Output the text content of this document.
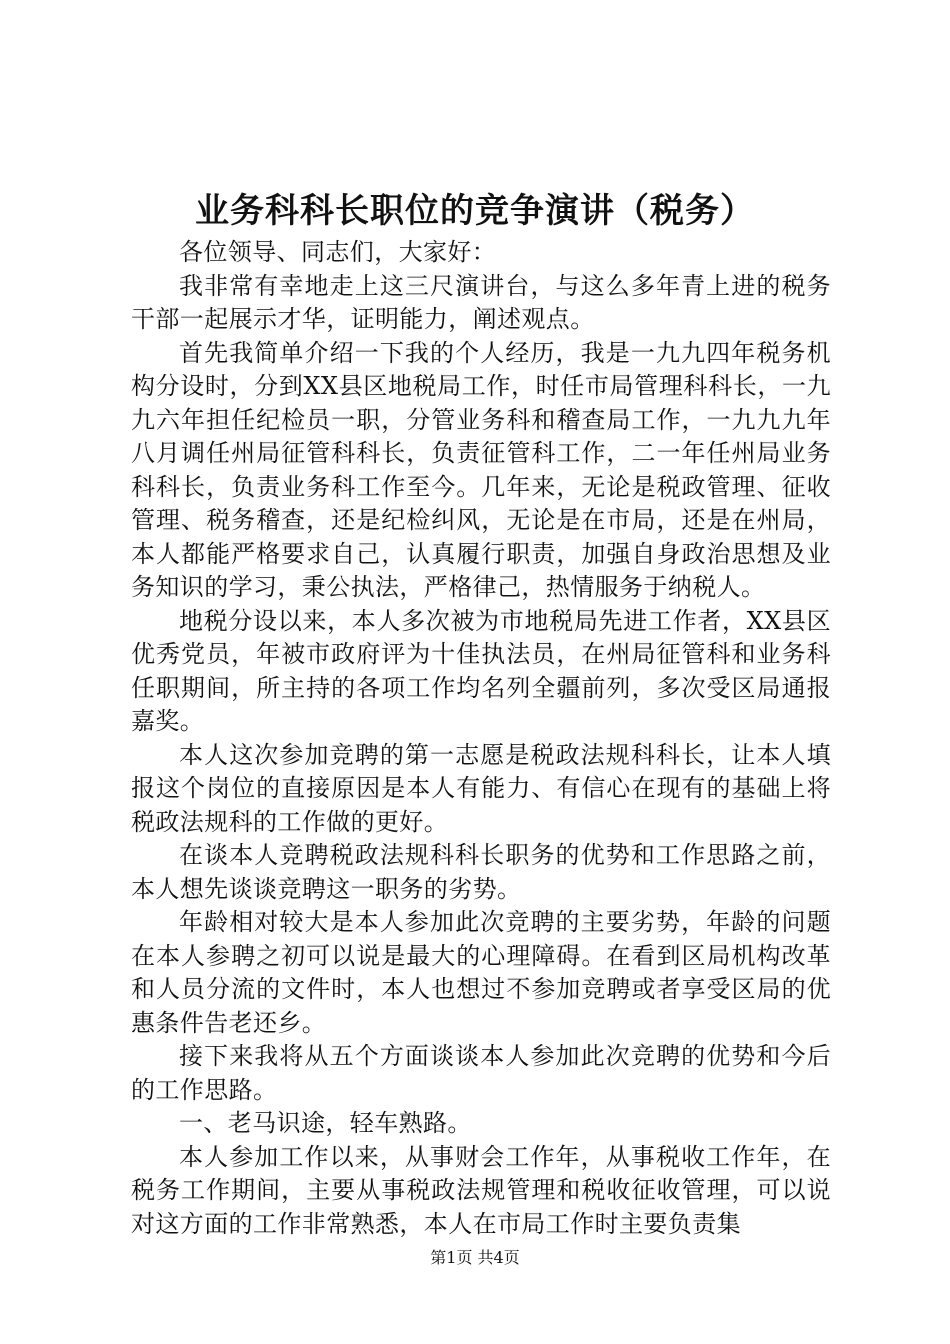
业务科科长职位的竞争演讲（税务）

各位领导、同志们，大家好：

我非常有幸地走上这三尺演讲台，与这么多年青上进的税务干部一起展示才华，证明能力，阐述观点。

首先我简单介绍一下我的个人经历，我是一九九四年税务机构分设时，分到XX县区地税局工作，时任市局管理科科长，一九九六年担任纪检员一职，分管业务科和稽查局工作，一九九九年八月调任州局征管科科长，负责征管科工作，二一年任州局业务科科长，负责业务科工作至今。几年来，无论是税政管理、征收管理、税务稽查，还是纪检纠风，无论是在市局，还是在州局，本人都能严格要求自己，认真履行职责，加强自身政治思想及业务知识的学习，秉公执法，严格律己，热情服务于纳税人。

地税分设以来，本人多次被为市地税局先进工作者，XX县区优秀党员，年被市政府评为十佳执法员，在州局征管科和业务科任职期间，所主持的各项工作均名列全疆前列，多次受区局通报嘉奖。

本人这次参加竞聘的第一志愿是税政法规科科长，让本人填报这个岗位的直接原因是本人有能力、有信心在现有的基础上将税政法规科的工作做的更好。

在谈本人竞聘税政法规科科长职务的优势和工作思路之前，本人想先谈谈竞聘这一职务的劣势。

年龄相对较大是本人参加此次竞聘的主要劣势，年龄的问题在本人参聘之初可以说是最大的心理障碍。在看到区局机构改革和人员分流的文件时，本人也想过不参加竞聘或者享受区局的优惠条件告老还乡。

接下来我将从五个方面谈谈本人参加此次竞聘的优势和今后的工作思路。

一、老马识途，轻车熟路。

本人参加工作以来，从事财会工作年，从事税收工作年，在税务工作期间，主要从事税政法规管理和税收征收管理，可以说对这方面的工作非常熟悉，本人在市局工作时主要负责集

第1页 共4页
